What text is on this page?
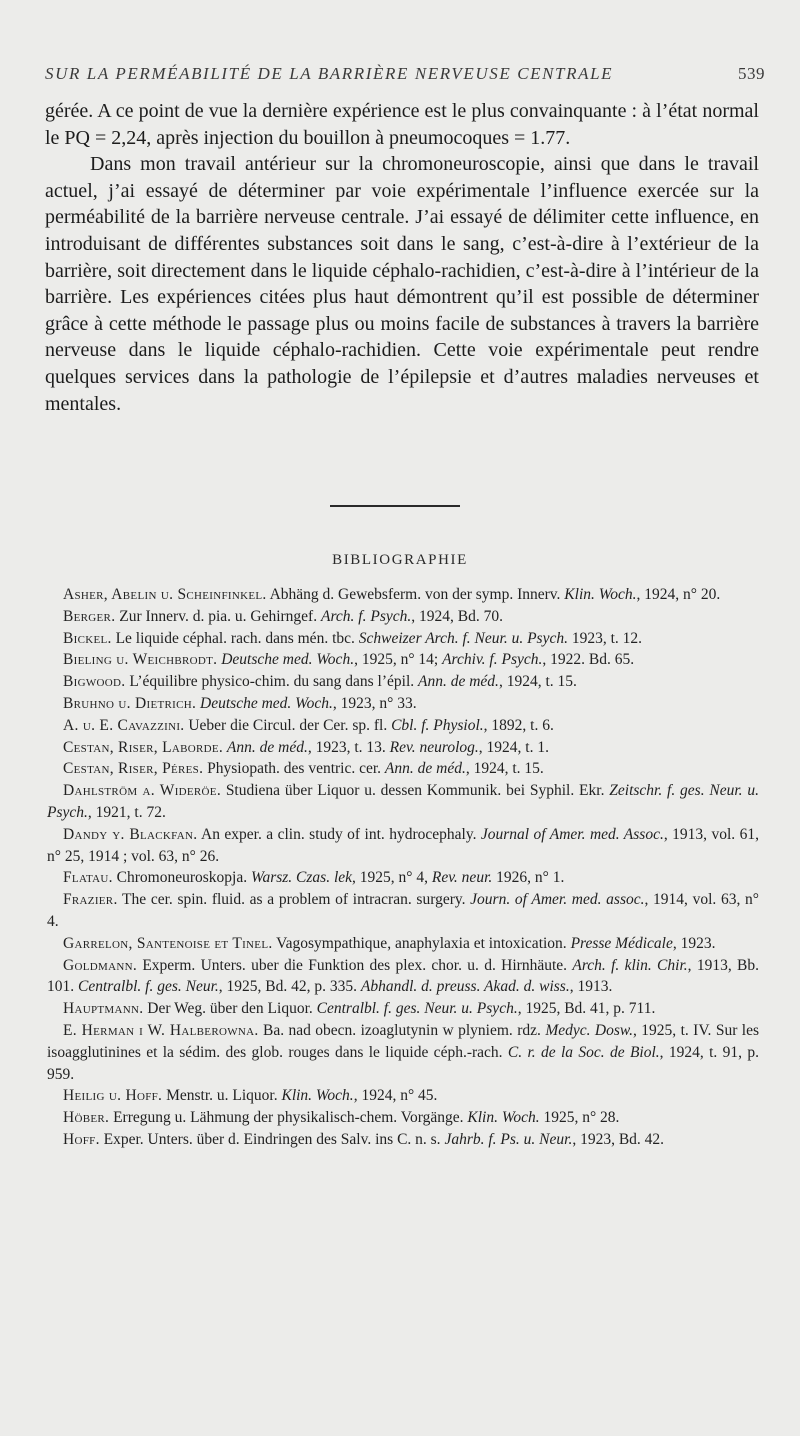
SUR LA PERMÉABILITÉ DE LA BARRIÈRE NERVEUSE CENTRALE	539

gérée. A ce point de vue la dernière expérience est le plus convainquante : à l’état normal le PQ = 2,24, après injection du bouillon à pneumocoques = 1.77.

Dans mon travail antérieur sur la chromoneuroscopie, ainsi que dans le travail actuel, j’ai essayé de déterminer par voie expérimentale l’influence exercée sur la perméabilité de la barrière nerveuse centrale. J’ai essayé de délimiter cette influence, en introduisant de différentes substances soit dans le sang, c’est-à-dire à l’extérieur de la barrière, soit directement dans le liquide céphalo-rachidien, c’est-à-dire à l’intérieur de la barrière. Les expériences citées plus haut démontrent qu’il est possible de déterminer grâce à cette méthode le passage plus ou moins facile de substances à travers la barrière nerveuse dans le liquide céphalo-rachidien. Cette voie expérimentale peut rendre quelques services dans la pathologie de l’épilepsie et d’autres maladies nerveuses et mentales.

BIBLIOGRAPHIE
Asher, Abelin u. Scheinfinkel. Abhäng d. Gewebsferm. von der symp. Innerv. Klin. Woch., 1924, n° 20.
Berger. Zur Innerv. d. pia. u. Gehirngef. Arch. f. Psych., 1924, Bd. 70.
Bickel. Le liquide céphal. rach. dans mén. tbc. Schweizer Arch. f. Neur. u. Psych. 1923, t. 12.
Bieling u. Weichbrodt. Deutsche med. Woch., 1925, n° 14; Archiv. f. Psych., 1922. Bd. 65.
Bigwood. L’équilibre physico-chim. du sang dans l’épil. Ann. de méd., 1924, t. 15.
Bruhno u. Dietrich. Deutsche med. Woch., 1923, n° 33.
A. u. E. Cavazzini. Ueber die Circul. der Cer. sp. fl. Cbl. f. Physiol., 1892, t. 6.
Cestan, Riser, Laborde. Ann. de méd., 1923, t. 13. Rev. neurolog., 1924, t. 1.
Cestan, Riser, Péres. Physiopath. des ventric. cer. Ann. de méd., 1924, t. 15.
Dahlström a. Wideröe. Studiena über Liquor u. dessen Kommunik. bei Syphil. Ekr. Zeitschr. f. ges. Neur. u. Psych., 1921, t. 72.
Dandy y. Blackfan. An exper. a clin. study of int. hydrocephaly. Journal of Amer. med. Assoc., 1913, vol. 61, n° 25, 1914 ; vol. 63, n° 26.
Flatau. Chromoneuroskopja. Warsz. Czas. lek, 1925, n° 4, Rev. neur. 1926, n° 1.
Frazier. The cer. spin. fluid. as a problem of intracran. surgery. Journ. of Amer. med. assoc., 1914, vol. 63, n° 4.
Garrelon, Santenoise et Tinel. Vagosympathique, anaphylaxia et intoxication. Presse Médicale, 1923.
Goldmann. Experm. Unters. uber die Funktion des plex. chor. u. d. Hirnhäute. Arch. f. klin. Chir., 1913, Bb. 101. Centralbl. f. ges. Neur., 1925, Bd. 42, p. 335. Abhandl. d. preuss. Akad. d. wiss., 1913.
Hauptmann. Der Weg. über den Liquor. Centralbl. f. ges. Neur. u. Psych., 1925, Bd. 41, p. 711.
E. Herman i W. Halberowna. Ba. nad obecn. izoaglutynin w plyniem. rdz. Medyc. Dosw., 1925, t. IV. Sur les isoagglutinines et la sédim. des glob. rouges dans le liquide céph.-rach. C. r. de la Soc. de Biol., 1924, t. 91, p. 959.
Heilig u. Hoff. Menstr. u. Liquor. Klin. Woch., 1924, n° 45.
Höber. Erregung u. Lähmung der physikalisch-chem. Vorgänge. Klin. Woch. 1925, n° 28.
Hoff. Exper. Unters. über d. Eindringen des Salv. ins C. n. s. Jahrb. f. Ps. u. Neur., 1923, Bd. 42.
